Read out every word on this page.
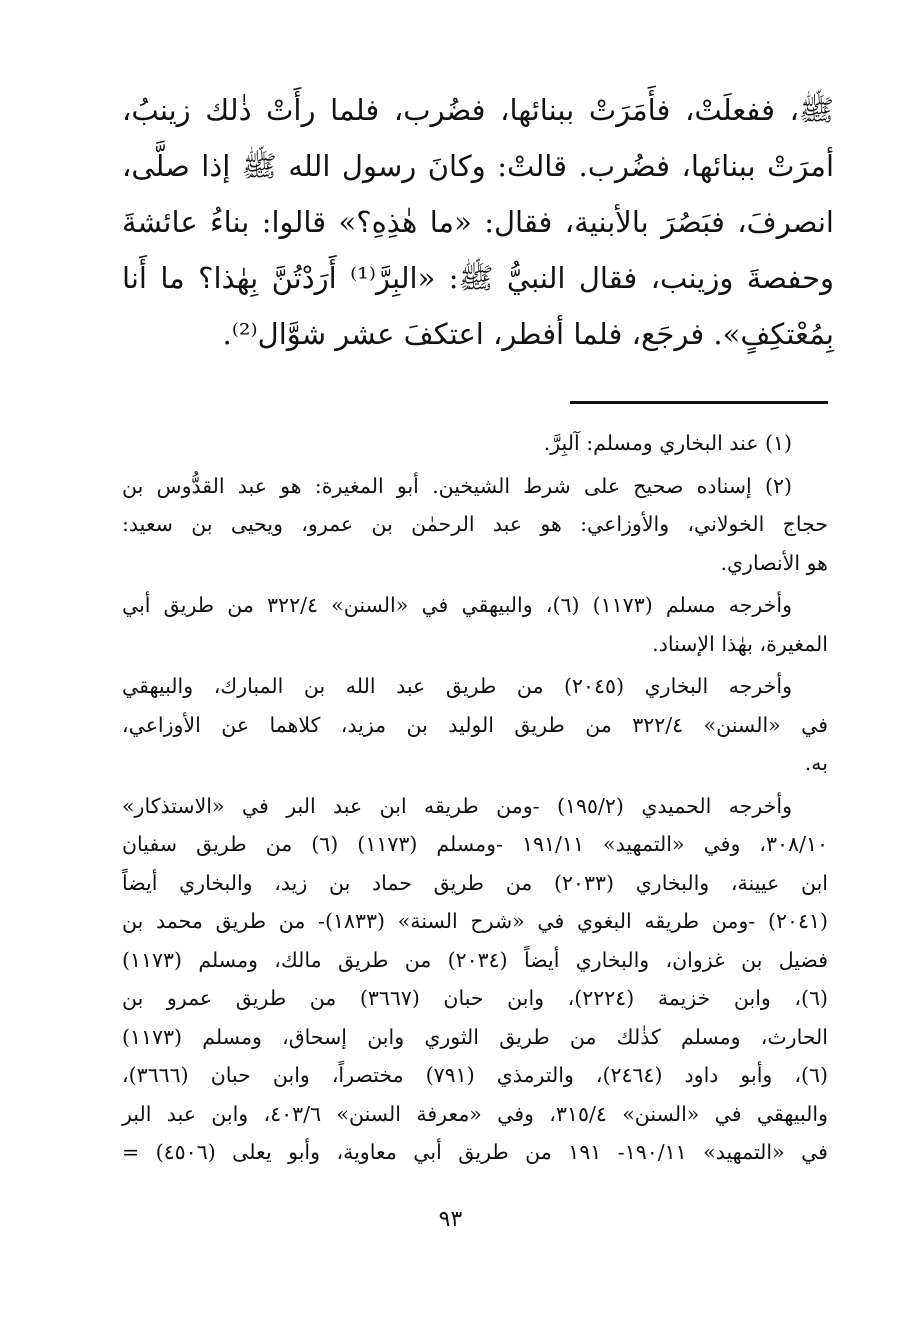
ﷺ، ففعلَتْ، فأَمَرَتْ ببنائها، فضُرب، فلما رأَتْ ذٰلك زينبُ،
أمرَتْ ببنائها، فضُرب. قالتْ: وكانَ رسول الله ﷺ إذا صلَّى،
انصرفَ، فبَصُرَ بالأبنية، فقال: «ما هٰذِهِ؟» قالوا: بناءُ عائشةَ
وحفصةَ وزينب، فقال النبيُّ ﷺ: «البِرَّ⁽¹⁾ أَرَدْتُنَّ بِهٰذا؟ ما أَنا
بِمُعْتكِفٍ». فرجَع، فلما أفطر، اعتكفَ عشر شوَّال⁽²⁾.
(١) عند البخاري ومسلم: آلبِرَّ.
(٢) إسناده صحيح على شرط الشيخين. أبو المغيرة: هو عبد القدُّوس بن
حجاج الخولاني، والأوزاعي: هو عبد الرحمٰن بن عمرو، ويحيى بن سعيد:
هو الأنصاري.
وأخرجه مسلم (١١٧٣) (٦)، والبيهقي في «السنن» ٣٢٢/٤ من طريق أبي
المغيرة، بهٰذا الإسناد.
وأخرجه البخاري (٢٠٤٥) من طريق عبد الله بن المبارك، والبيهقي
في «السنن» ٣٢٢/٤ من طريق الوليد بن مزيد، كلاهما عن الأوزاعي،
به.
وأخرجه الحميدي (١٩٥/٢) -ومن طريقه ابن عبد البر في «الاستذكار»
٣٠٨/١٠، وفي «التمهيد» ١٩١/١١ -ومسلم (١١٧٣) (٦) من طريق سفيان
ابن عيينة، والبخاري (٢٠٣٣) من طريق حماد بن زيد، والبخاري أيضاً
(٢٠٤١) -ومن طريقه البغوي في «شرح السنة» (١٨٣٣)- من طريق محمد بن
فضيل بن غزوان، والبخاري أيضاً (٢٠٣٤) من طريق مالك، ومسلم (١١٧٣)
(٦)، وابن خزيمة (٢٢٢٤)، وابن حبان (٣٦٦٧) من طريق عمرو بن
الحارث، ومسلم كذٰلك من طريق الثوري وابن إسحاق، ومسلم (١١٧٣)
(٦)، وأبو داود (٢٤٦٤)، والترمذي (٧٩١) مختصراً، وابن حبان (٣٦٦٦)،
والبيهقي في «السنن» ٣١٥/٤، وفي «معرفة السنن» ٤٠٣/٦، وابن عبد البر
في «التمهيد» ١٩٠/١١- ١٩١ من طريق أبي معاوية، وأبو يعلى (٤٥٠٦) =
٩٣
